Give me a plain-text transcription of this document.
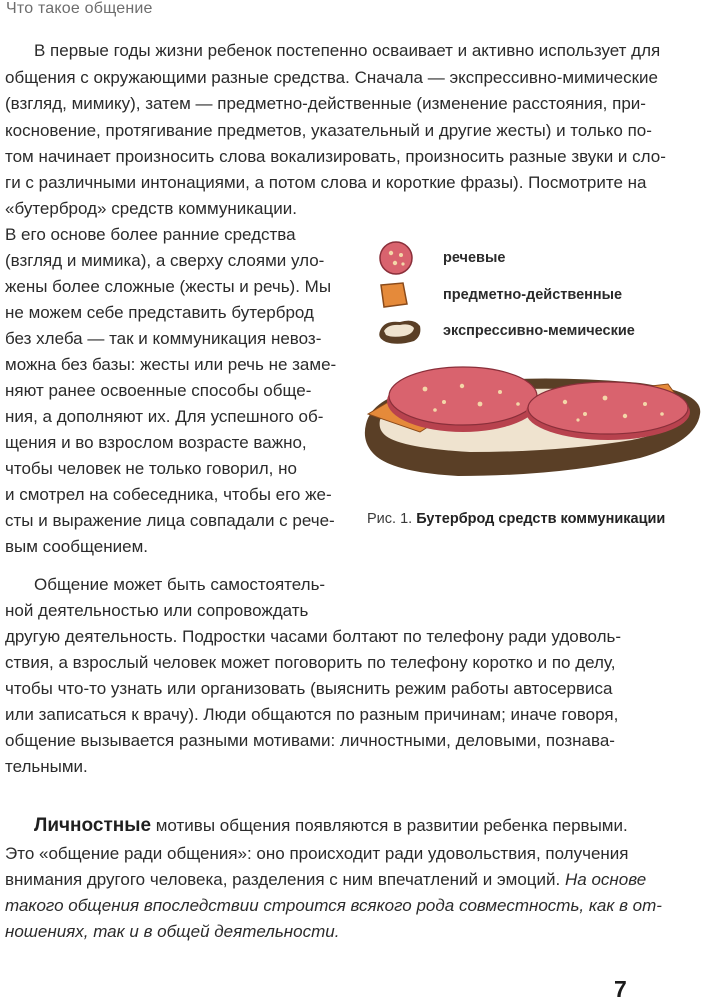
Что такое общение
В первые годы жизни ребенок постепенно осваивает и активно использует для
общения с окружающими разные средства. Сначала — экспрессивно-мимические
(взгляд, мимику), затем — предметно-действенные (изменение расстояния, при-
косновение, протягивание предметов, указательный и другие жесты) и только по-
том начинает произносить слова вокализировать, произносить разные звуки и сло-
ги с различными интонациями, а потом слова и короткие фразы). Посмотрите на
«бутерброд» средств коммуникации.
В его основе более ранние средства
(взгляд и мимика), а сверху слоями уло-
жены более сложные (жесты и речь). Мы
не можем себе представить бутерброд
без хлеба — так и коммуникация невоз-
можна без базы: жесты или речь не заме-
няют ранее освоенные способы обще-
ния, а дополняют их. Для успешного об-
щения и во взрослом возрасте важно,
чтобы человек не только говорил, но
и смотрел на собеседника, чтобы его же-
сты и выражение лица совпадали с рече-
вым сообщением.
Общение может быть самостоятель-
ной деятельностью или сопровождать
другую деятельность. Подростки часами болтают по телефону ради удоволь-
ствия, а взрослый человек может поговорить по телефону коротко и по делу,
чтобы что-то узнать или организовать (выяснить режим работы автосервиса
или записаться к врачу). Люди общаются по разным причинам; иначе говоря,
общение вызывается разными мотивами: личностными, деловыми, познава-
тельными.
Личностные мотивы общения появляются в развитии ребенка первыми.
Это «общение ради общения»: оно происходит ради удовольствия, получения
внимания другого человека, разделения с ним впечатлений и эмоций. На основе
такого общения впоследствии строится всякого рода совместность, как в от-
ношениях, так и в общей деятельности.
речевые
предметно-действенные
экспрессивно-мемические
Рис. 1. Бутерброд средств коммуникации
7
